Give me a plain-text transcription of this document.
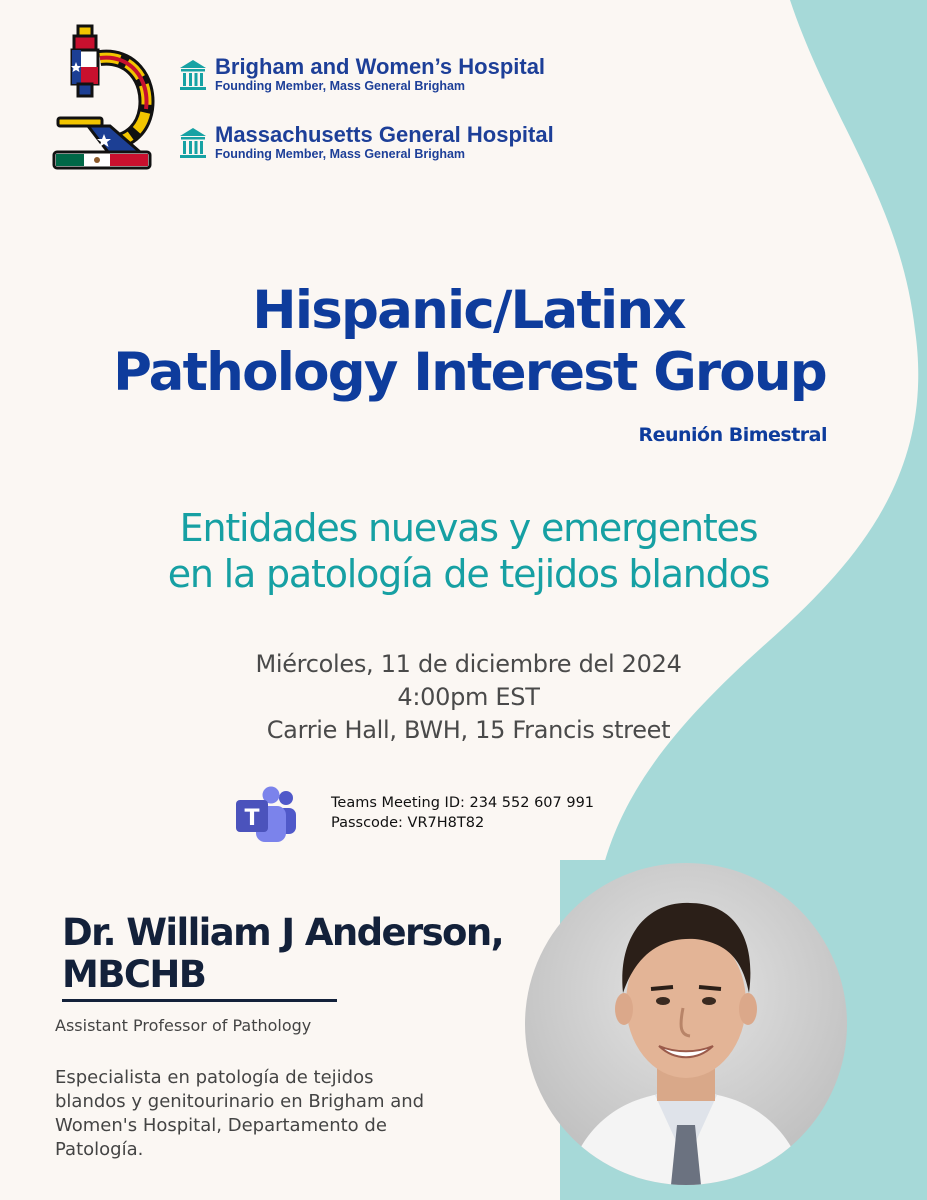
Brigham and Women’s Hospital
Founding Member, Mass General Brigham
Massachusetts General Hospital
Founding Member, Mass General Brigham
Hispanic/Latinx
Pathology Interest Group
Reunión Bimestral
Entidades nuevas y emergentes
en la patología de tejidos blandos
Miércoles, 11 de diciembre del 2024
4:00pm EST
Carrie Hall, BWH, 15 Francis street
T
Teams Meeting ID: 234 552 607 991
Passcode: VR7H8T82
Dr. William J Anderson,
MBCHB
Assistant Professor of Pathology
Especialista en patología de tejidos
blandos y genitourinario en Brigham and
Women's Hospital, Departamento de
Patología.
